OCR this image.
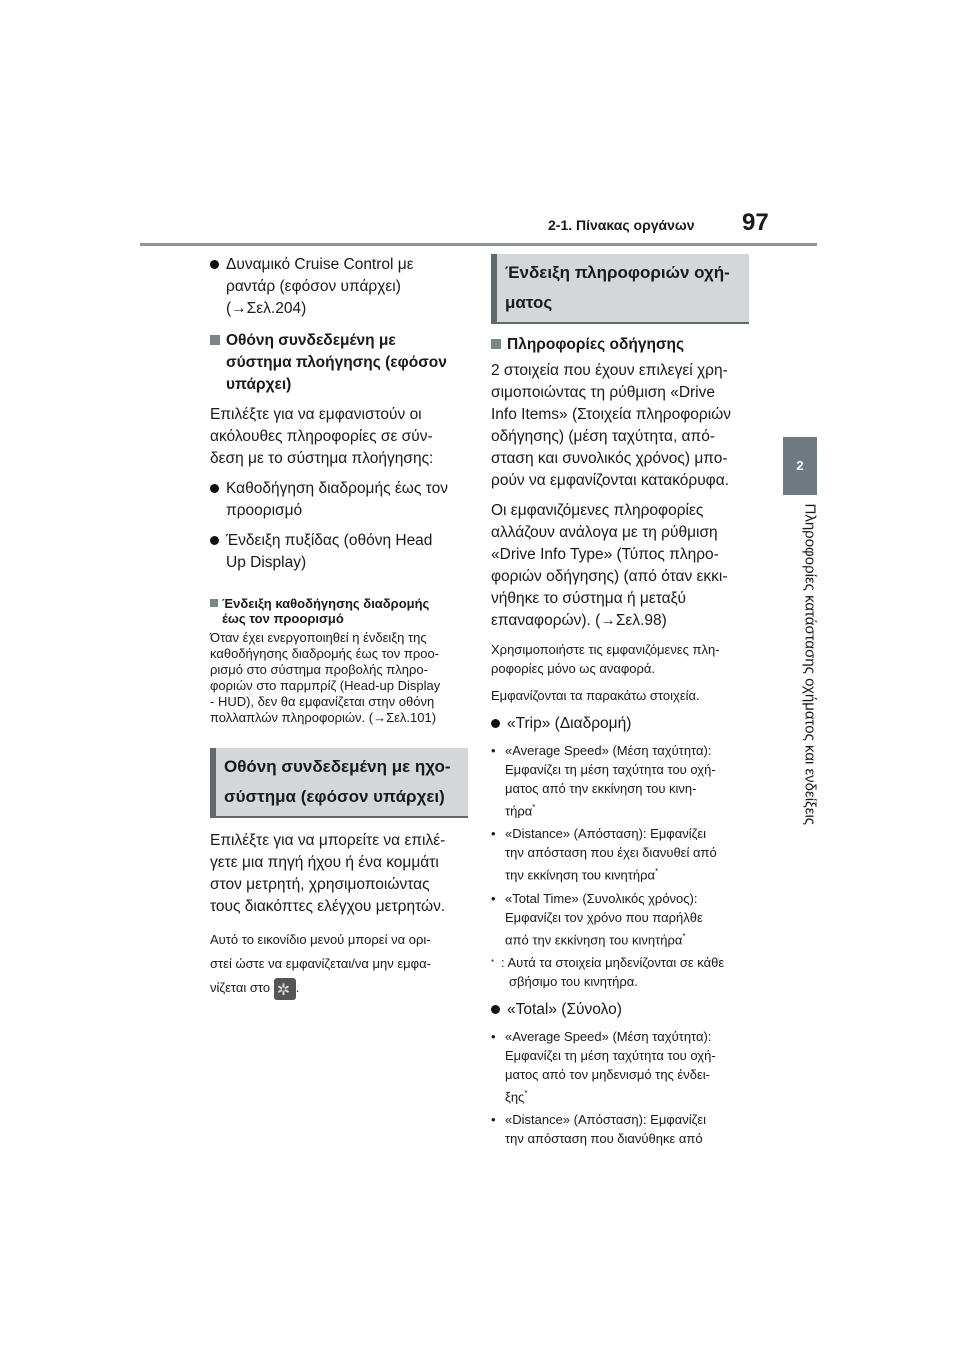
2-1. Πίνακας οργάνων 97
2
Πληροφορίες κατάστασης οχήματος και ενδείξεις
Δυναμικό Cruise Control με
ραντάρ (εφόσον υπάρχει)
(→Σελ.204)
Οθόνη συνδεδεμένη με
σύστημα πλοήγησης (εφόσον
υπάρχει)
Επιλέξτε για να εμφανιστούν οι
ακόλουθες πληροφορίες σε σύν-
δεση με το σύστημα πλοήγησης:
Καθοδήγηση διαδρομής έως τον
προορισμό
Ένδειξη πυξίδας (οθόνη Head
Up Display)
Ένδειξη καθοδήγησης διαδρομής
έως τον προορισμό
Όταν έχει ενεργοποιηθεί η ένδειξη της
καθοδήγησης διαδρομής έως τον προο-
ρισμό στο σύστημα προβολής πληρο-
φοριών στο παρμπρίζ (Head-up Display
- HUD), δεν θα εμφανίζεται στην οθόνη
πολλαπλών πληροφοριών. (→Σελ.101)
Οθόνη συνδεδεμένη με ηχο-
σύστημα (εφόσον υπάρχει)
Επιλέξτε για να μπορείτε να επιλέ-
γετε μια πηγή ήχου ή ένα κομμάτι
στον μετρητή, χρησιμοποιώντας
τους διακόπτες ελέγχου μετρητών.
Αυτό το εικονίδιο μενού μπορεί να ορι-
στεί ώστε να εμφανίζεται/να μην εμφα-
νίζεται στο ✲ .
Ένδειξη πληροφοριών οχή-
ματος
Πληροφορίες οδήγησης
2 στοιχεία που έχουν επιλεγεί χρη-
σιμοποιώντας τη ρύθμιση «Drive
Info Items» (Στοιχεία πληροφοριών
οδήγησης) (μέση ταχύτητα, από-
σταση και συνολικός χρόνος) μπο-
ρούν να εμφανίζονται κατακόρυφα.
Οι εμφανιζόμενες πληροφορίες
αλλάζουν ανάλογα με τη ρύθμιση
«Drive Info Type» (Τύπος πληρο-
φοριών οδήγησης) (από όταν εκκι-
νήθηκε το σύστημα ή μεταξύ
επαναφορών). (→Σελ.98)
Χρησιμοποιήστε τις εμφανιζόμενες πλη-
ροφορίες μόνο ως αναφορά.
Εμφανίζονται τα παρακάτω στοιχεία.
«Trip» (Διαδρομή)
• «Average Speed» (Μέση ταχύτητα):
Εμφανίζει τη μέση ταχύτητα του οχή-
ματος από την εκκίνηση του κινη-
τήρα*
• «Distance» (Απόσταση): Εμφανίζει
την απόσταση που έχει διανυθεί από
την εκκίνηση του κινητήρα*
• «Total Time» (Συνολικός χρόνος):
Εμφανίζει τον χρόνο που παρήλθε
από την εκκίνηση του κινητήρα*
* : Αυτά τα στοιχεία μηδενίζονται σε κάθε
σβήσιμο του κινητήρα.
«Total» (Σύνολο)
• «Average Speed» (Μέση ταχύτητα):
Εμφανίζει τη μέση ταχύτητα του οχή-
ματος από τον μηδενισμό της ένδει-
ξης*
• «Distance» (Απόσταση): Εμφανίζει
την απόσταση που διανύθηκε από
